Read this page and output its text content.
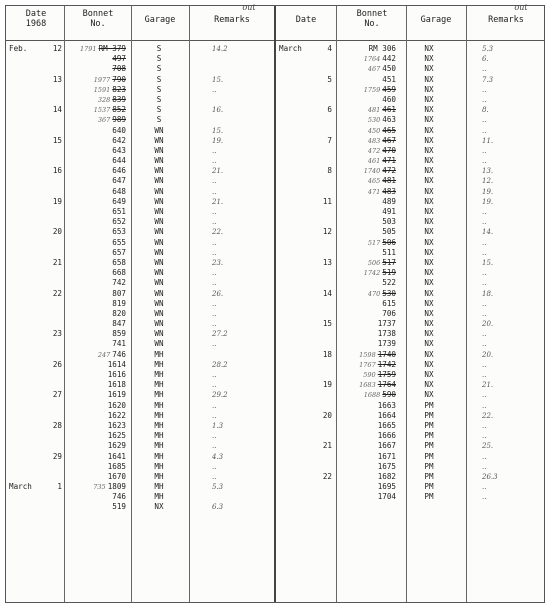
Date
1968
Bonnet
No.	Garage	Remarks
out
Date
Bonnet
No.	Garage	Remarks
out
Feb.	12	1791 RM 379	S	14.2
497	S
708	S
13	1977 790	S	15.
1591 823	S	..
328 839	S
14	1537 852	S	16.
367 989	S
640	WN	15.
15	642	WN	19.
643	WN	..
644	WN	..
16	646	WN	21.
647	WN	..
648	WN	..
19	649	WN	21.
651	WN	..
652	WN	..
20	653	WN	22.
655	WN	..
657	WN	..
21	658	WN	23.
668	WN	..
742	WN	..
22	807	WN	26.
819	WN	..
820	WN	..
847	WN	..
23	859	WN	27.2
741	WN	..
247 746	MH
26	1614	MH	28.2
1616	MH	..
1618	MH	..
27	1619	MH	29.2
1620	MH	..
1622	MH	..
28	1623	MH	1.3
1625	MH	..
1629	MH	..
29	1641	MH	4.3
1685	MH	..
1670	MH	..
March	1	735 1809	MH	5.3
746	MH
519	NX	6.3
March	4	RM 306	NX	5.3
1764 442	NX	6.
467 450	NX	..
5	451	NX	7.3
1759 459	NX	..
460	NX	..
6	481 461	NX	8.
530 463	NX	..
450 465	NX	..
7	483 467	NX	11.
472 470	NX	..
461 471	NX	..
8	1740 472	NX	13.
465 481	NX	12.
471 483	NX	19.
11	489	NX	19.
491	NX	..
503	NX	..
12	505	NX	14.
517 506	NX	..
511	NX	..
13	506 517	NX	15.
1742 519	NX	..
522	NX	..
14	470 530	NX	18.
615	NX	..
706	NX	..
15	1737	NX	20.
1738	NX	..
1739	NX	..
18	1598 1740	NX	20.
1767 1742	NX	..
590 1759	NX	..
19	1683 1764	NX	21.
1688 590	NX	..
1663	PM	..
20	1664	PM	22.
1665	PM	..
1666	PM	..
21	1667	PM	25.
1671	PM	..
1675	PM	..
22	1682	PM	26.3
1695	PM	..
1704	PM	..
